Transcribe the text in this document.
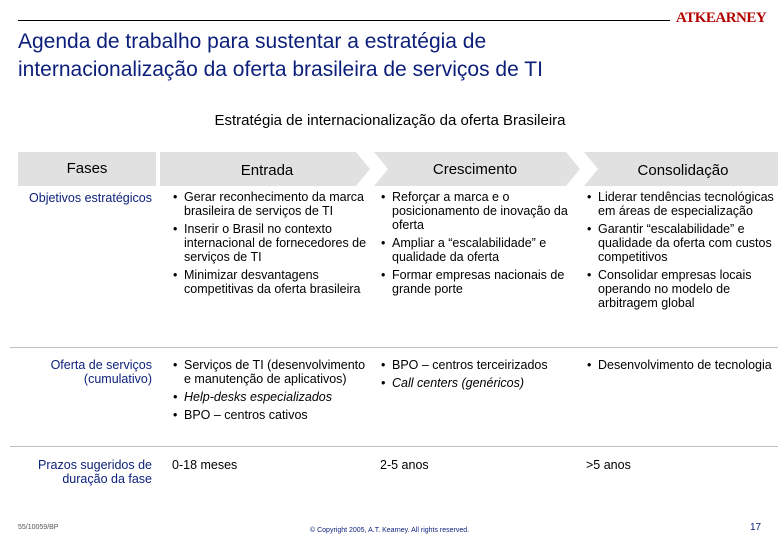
ATKEARNEY
Agenda de trabalho para sustentar a estratégia de
internacionalização da oferta brasileira de serviços de TI
Estratégia de internacionalização da oferta Brasileira
Fases	Entrada	Crescimento	Consolidação
Objetivos estratégicos
•	Gerar reconhecimento da marca brasileira de serviços de TI
• Inserir o Brasil no contexto internacional de fornecedores de serviços de TI
• Minimizar desvantagens competitivas da oferta brasileira
• Reforçar a marca e o posicionamento de inovação da oferta
• Ampliar a “escalabilidade” e qualidade da oferta
• Formar empresas nacionais de grande porte
• Liderar tendências tecnológicas em áreas de especialização
• Garantir “escalabilidade” e qualidade da oferta com custos competitivos
• Consolidar empresas locais operando no modelo de arbitragem global
Oferta de serviços (cumulativo)
• Serviços de TI (desenvolvimento e manutenção de aplicativos)
• Help-desks especializados
• BPO – centros cativos
• BPO – centros terceirizados
• Call centers (genéricos)
• Desenvolvimento de tecnologia
Prazos sugeridos de duração da fase
0-18 meses	2-5 anos	>5 anos
55/10059/BP	© Copyright 2005, A.T. Kearney. All rights reserved.	17
